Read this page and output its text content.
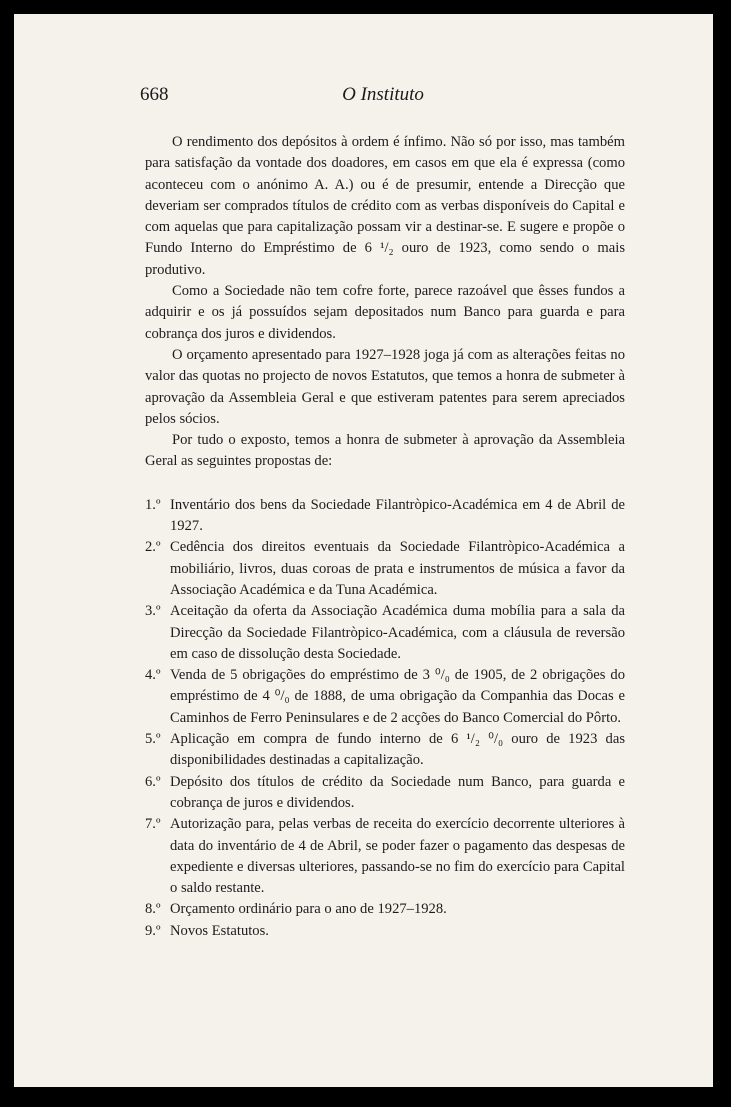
668	O Instituto

O rendimento dos depósitos à ordem é ínfimo. Não só por isso, mas também para satisfação da vontade dos doadores, em casos em que ela é expressa (como aconteceu com o anónimo A. A.) ou é de presumir, entende a Direcção que deveriam ser comprados títulos de crédito com as verbas disponíveis do Capital e com aquelas que para capitalização possam vir a destinar-se. E sugere e propõe o Fundo Interno do Empréstimo de 6 ¹/₂ ouro de 1923, como sendo o mais produtivo.

Como a Sociedade não tem cofre forte, parece razoável que êsses fundos a adquirir e os já possuídos sejam depositados num Banco para guarda e para cobrança dos juros e dividendos.

O orçamento apresentado para 1927–1928 joga já com as alterações feitas no valor das quotas no projecto de novos Estatutos, que temos a honra de submeter à aprovação da Assembleia Geral e que estiveram patentes para serem apreciados pelos sócios.

Por tudo o exposto, temos a honra de submeter à aprovação da Assembleia Geral as seguintes propostas de:

1.º Inventário dos bens da Sociedade Filantròpico-Académica em 4 de Abril de 1927.
2.º Cedência dos direitos eventuais da Sociedade Filantròpico-Académica a mobiliário, livros, duas coroas de prata e instrumentos de música a favor da Associação Académica e da Tuna Académica.
3.º Aceitação da oferta da Associação Académica duma mobília para a sala da Direcção da Sociedade Filantròpico-Académica, com a cláusula de reversão em caso de dissolução desta Sociedade.
4.º Venda de 5 obrigações do empréstimo de 3 ⁰/₀ de 1905, de 2 obrigações do empréstimo de 4 ⁰/₀ de 1888, de uma obrigação da Companhia das Docas e Caminhos de Ferro Peninsulares e de 2 acções do Banco Comercial do Pôrto.
5.º Aplicação em compra de fundo interno de 6 ¹/₂ ⁰/₀ ouro de 1923 das disponibilidades destinadas a capitalização.
6.º Depósito dos títulos de crédito da Sociedade num Banco, para guarda e cobrança de juros e dividendos.
7.º Autorização para, pelas verbas de receita do exercício decorrente ulteriores à data do inventário de 4 de Abril, se poder fazer o pagamento das despesas de expediente e diversas ulteriores, passando-se no fim do exercício para Capital o saldo restante.
8.º Orçamento ordinário para o ano de 1927–1928.
9.º Novos Estatutos.
